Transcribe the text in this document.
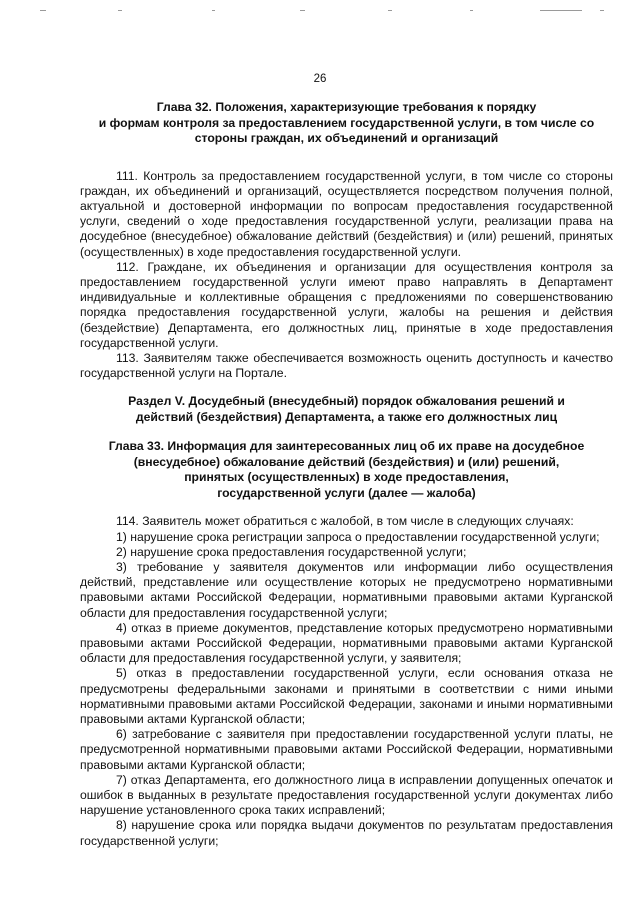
26
Глава 32. Положения, характеризующие требования к порядку
и формам контроля за предоставлением государственной услуги, в том числе со
стороны граждан, их объединений и организаций

111. Контроль за предоставлением государственной услуги, в том числе со стороны граждан, их объединений и организаций, осуществляется посредством получения полной, актуальной и достоверной информации по вопросам предоставления государственной услуги, сведений о ходе предоставления государственной услуги, реализации права на досудебное (внесудебное) обжалование действий (бездействия) и (или) решений, принятых (осуществленных) в ходе предоставления государственной услуги.

112. Граждане, их объединения и организации для осуществления контроля за предоставлением государственной услуги имеют право направлять в Департамент индивидуальные и коллективные обращения с предложениями по совершенствованию порядка предоставления государственной услуги, жалобы на решения и действия (бездействие) Департамента, его должностных лиц, принятые в ходе предоставления государственной услуги.

113. Заявителям также обеспечивается возможность оценить доступность и качество государственной услуги на Портале.

Раздел V. Досудебный (внесудебный) порядок обжалования решений и
действий (бездействия) Департамента, а также его должностных лиц
Глава 33. Информация для заинтересованных лиц об их праве на досудебное
(внесудебное) обжалование действий (бездействия) и (или) решений,
принятых (осуществленных) в ходе предоставления,
государственной услуги (далее — жалоба)

114. Заявитель может обратиться с жалобой, в том числе в следующих случаях:

1) нарушение срока регистрации запроса о предоставлении государственной услуги;

2) нарушение срока предоставления государственной услуги;

3) требование у заявителя документов или информации либо осуществления действий, представление или осуществление которых не предусмотрено нормативными правовыми актами Российской Федерации, нормативными правовыми актами Курганской области для предоставления государственной услуги;

4) отказ в приеме документов, представление которых предусмотрено нормативными правовыми актами Российской Федерации, нормативными правовыми актами Курганской области для предоставления государственной услуги, у заявителя;

5) отказ в предоставлении государственной услуги, если основания отказа не предусмотрены федеральными законами и принятыми в соответствии с ними иными нормативными правовыми актами Российской Федерации, законами и иными нормативными правовыми актами Курганской области;

6) затребование с заявителя при предоставлении государственной услуги платы, не предусмотренной нормативными правовыми актами Российской Федерации, нормативными правовыми актами Курганской области;

7) отказ Департамента, его должностного лица в исправлении допущенных опечаток и ошибок в выданных в результате предоставления государственной услуги документах либо нарушение установленного срока таких исправлений;

8) нарушение срока или порядка выдачи документов по результатам предоставления государственной услуги;
